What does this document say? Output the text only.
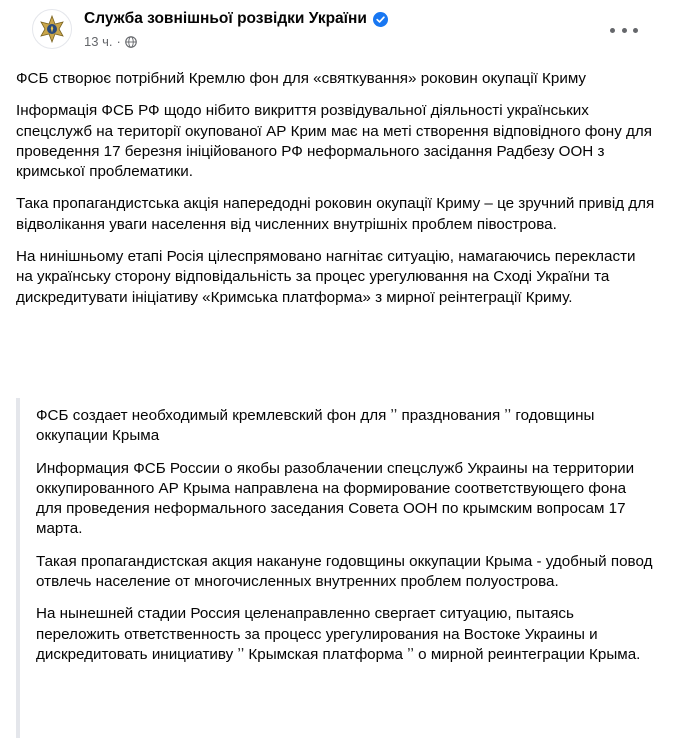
Служба зовнішньої розвідки України
13 ч. ·

ФСБ створює потрібний Кремлю фон для «святкування» роковин окупації Криму

Інформація ФСБ РФ щодо нібито викриття розвідувальної діяльності українських спецслужб на території окупованої АР Крим має на меті створення відповідного фону для проведення 17 березня ініційованого РФ неформального засідання Радбезу ООН з кримської проблематики.

Така пропагандистська акція напередодні роковин окупації Криму – це зручний привід для відволікання уваги населення від численних внутрішніх проблем півострова.

На нинішньому етапі Росія цілеспрямовано нагнітає ситуацію, намагаючись перекласти на українську сторону відповідальність за процес урегулювання на Сході України та дискредитувати ініціативу «Кримська платформа» з мирної реінтеграції Криму.

ФСБ создает необходимый кремлевский фон для ʼʼ празднования ʼʼ годовщины оккупации Крыма

Информация ФСБ России о якобы разоблачении спецслужб Украины на территории оккупированного АР Крыма направлена на формирование соответствующего фона для проведения неформального заседания Совета ООН по крымским вопросам 17 марта.

Такая пропагандистская акция накануне годовщины оккупации Крыма - удобный повод отвлечь население от многочисленных внутренних проблем полуострова.

На нынешней стадии Россия целенаправленно свергает ситуацию, пытаясь переложить ответственность за процесс урегулирования на Востоке Украины и дискредитовать инициативу ʼʼ Крымская платформа ʼʼ о мирной реинтеграции Крыма.
